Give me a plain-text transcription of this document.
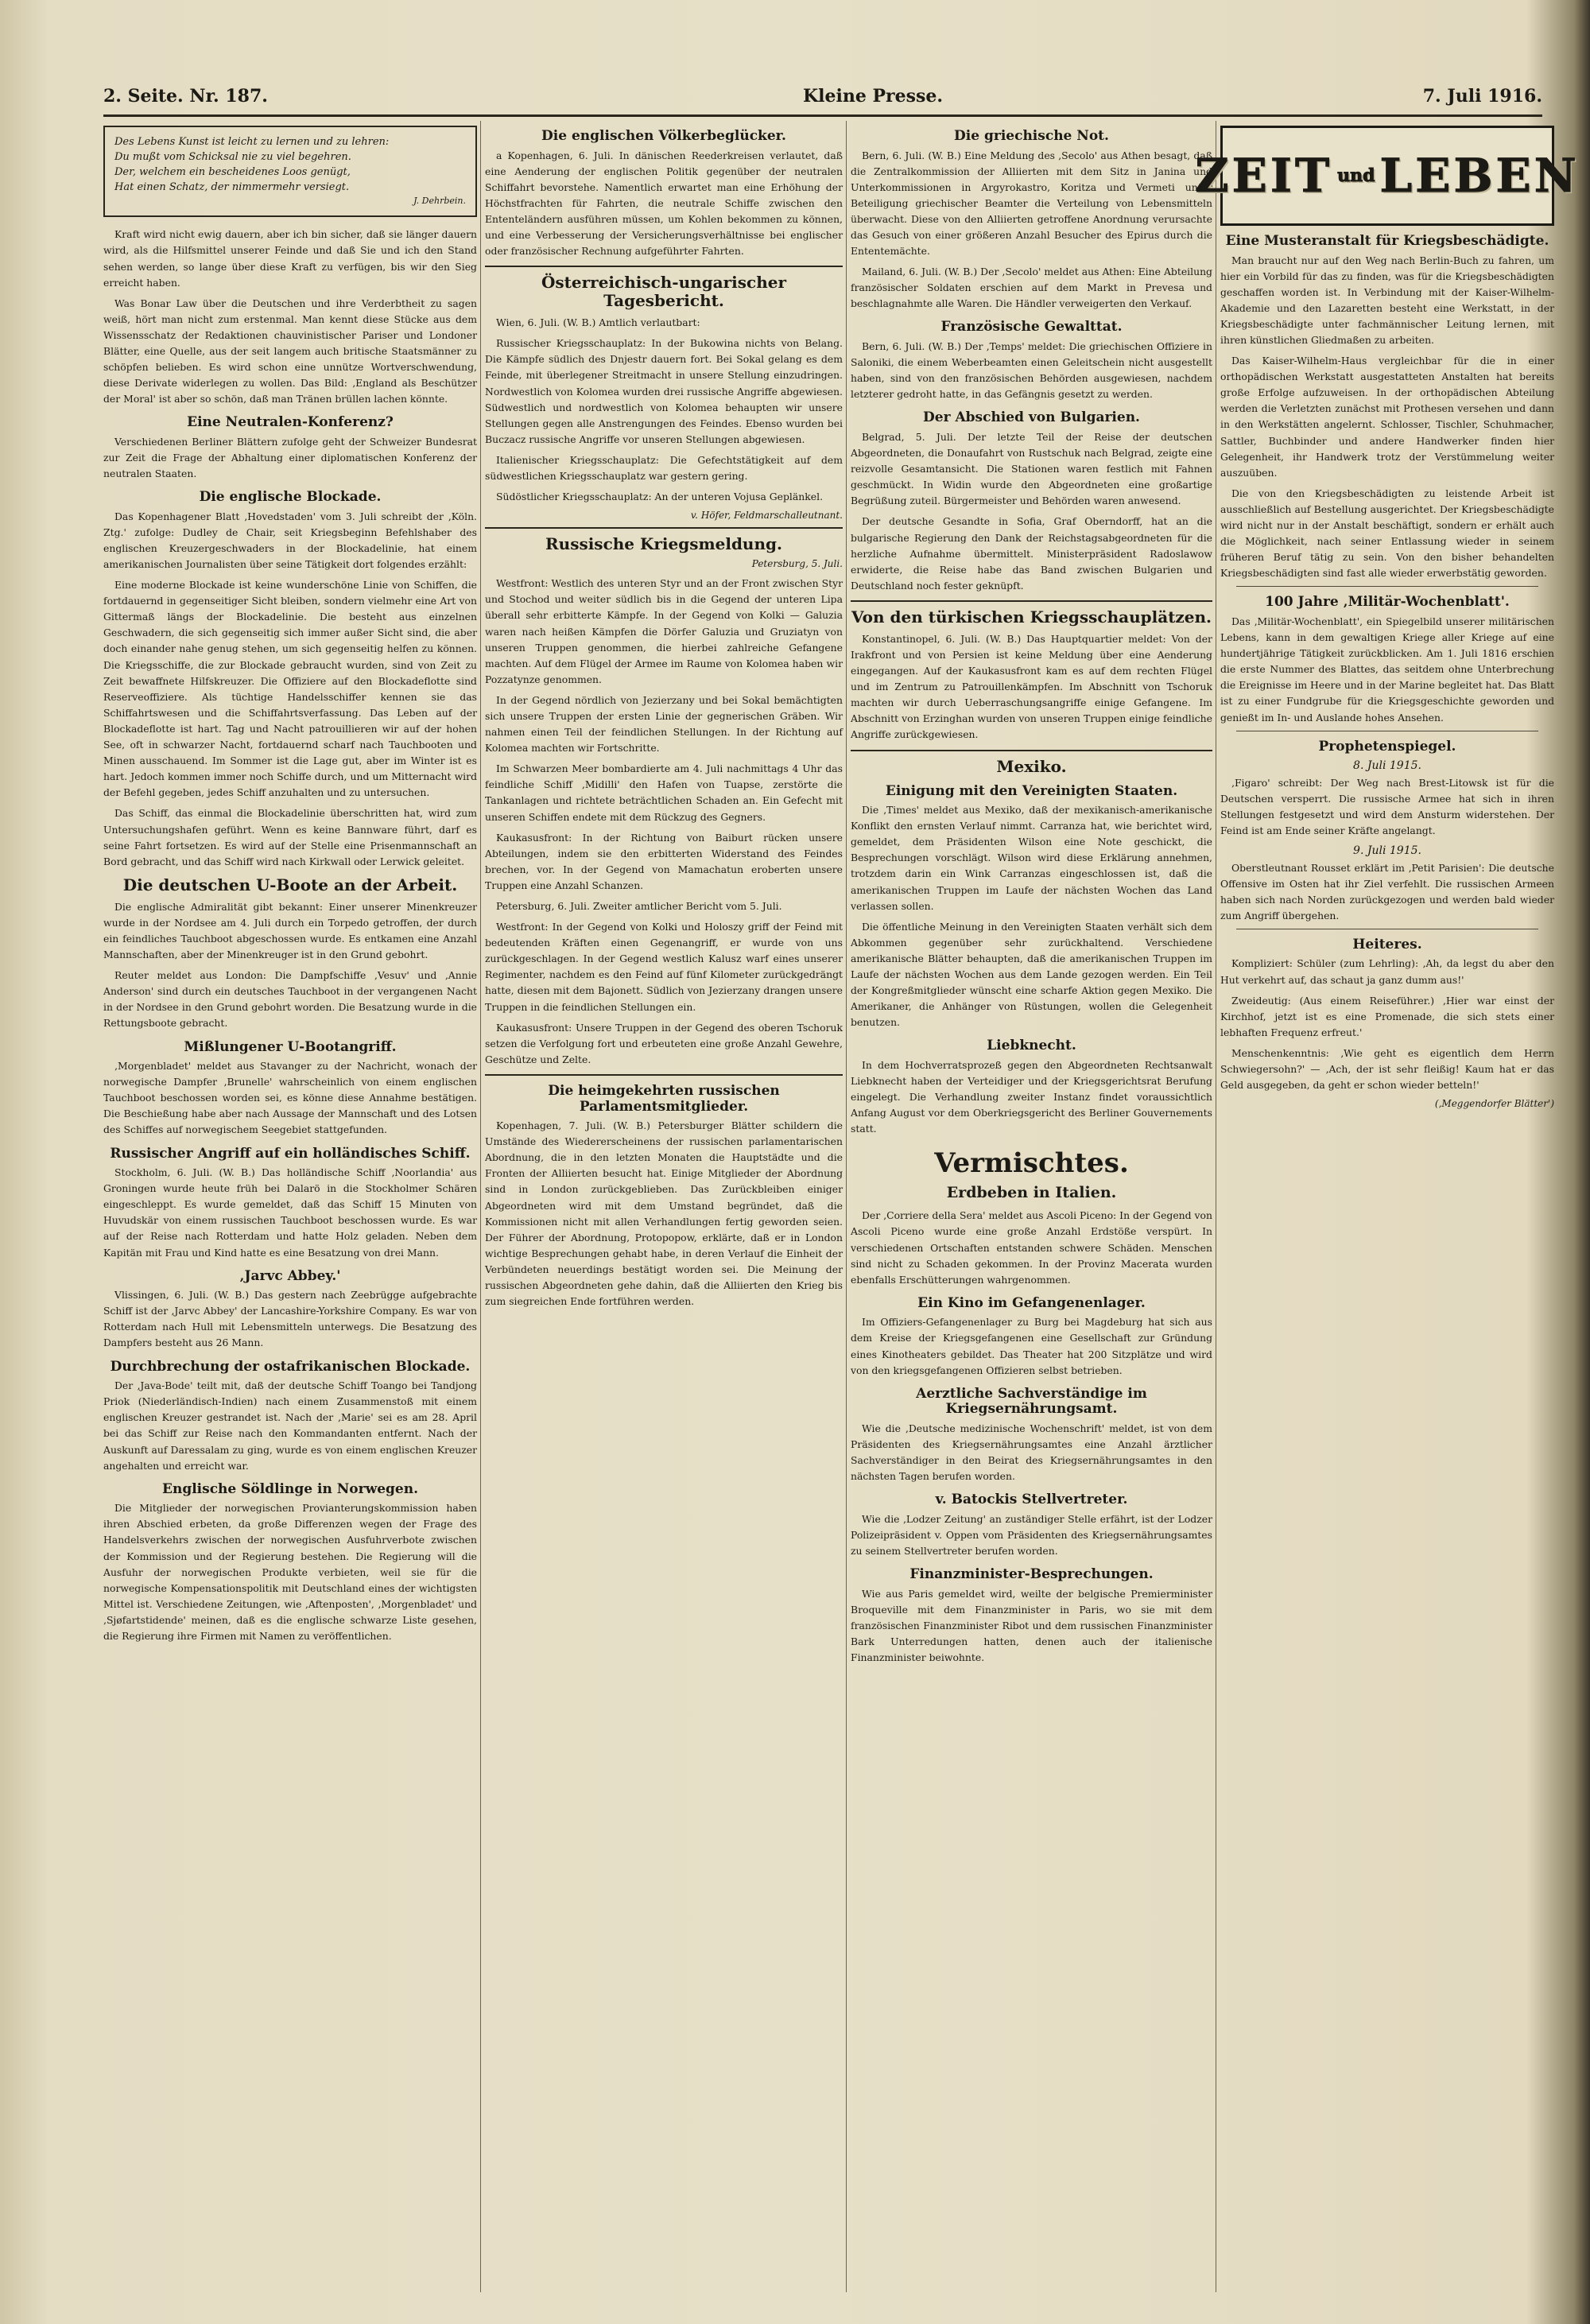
2. Seite. Nr. 187.	Kleine Presse.	7. Juli 1916.
Des Lebens Kunst ist leicht zu lernen und zu lehren:
Du mußt vom Schicksal nie zu viel begehren.
Der, welchem ein bescheidenes Loos genügt,
Hat einen Schatz, der nimmermehr versiegt.
J. Dehrbein.

Kraft wird nicht ewig dauern, aber ich bin sicher, daß sie länger dauern wird, als die Hilfsmittel unserer Feinde und daß Sie und ich den Stand sehen werden, so lange über diese Kraft zu verfügen, bis wir den Sieg erreicht haben.

Was Bonar Law über die Deutschen und ihre Verderbtheit zu sagen weiß, hört man nicht zum erstenmal. Man kennt diese Stücke aus dem Wissensschatz der Redaktionen chauvinistischer Pariser und Londoner Blätter, eine Quelle, aus der seit langem auch britische Staatsmänner zu schöpfen belieben. Es wird schon eine unnütze Wortverschwendung, diese Derivate widerlegen zu wollen. Das Bild: ‚England als Beschützer der Moral' ist aber so schön, daß man Tränen brüllen lachen könnte.

Eine Neutralen-Konferenz?

Verschiedenen Berliner Blättern zufolge geht der Schweizer Bundesrat zur Zeit die Frage der Abhaltung einer diplomatischen Konferenz der neutralen Staaten.

Die englische Blockade.

Das Kopenhagener Blatt ‚Hovedstaden' vom 3. Juli schreibt der ‚Köln. Ztg.' zufolge: Dudley de Chair, seit Kriegsbeginn Befehlshaber des englischen Kreuzergeschwaders in der Blockadelinie, hat einem amerikanischen Journalisten über seine Tätigkeit dort folgendes erzählt:

Eine moderne Blockade ist keine wunderschöne Linie von Schiffen, die fortdauernd in gegenseitiger Sicht bleiben, sondern vielmehr eine Art von Gittermaß längs der Blockadelinie. Die besteht aus einzelnen Geschwadern, die sich gegenseitig sich immer außer Sicht sind, die aber doch einander nahe genug stehen, um sich gegenseitig helfen zu können. Die Kriegsschiffe, die zur Blockade gebraucht wurden, sind von Zeit zu Zeit bewaffnete Hilfskreuzer. Die Offiziere auf den Blockadeflotte sind Reserveoffiziere. Als tüchtige Handelsschiffer kennen sie das Schiffahrtswesen und die Schiffahrtsverfassung. Das Leben auf der Blockadeflotte ist hart. Tag und Nacht patrouillieren wir auf der hohen See, oft in schwarzer Nacht, fortdauernd scharf nach Tauchbooten und Minen ausschauend. Im Sommer ist die Lage gut, aber im Winter ist es hart. Jedoch kommen immer noch Schiffe durch, und um Mitternacht wird der Befehl gegeben, jedes Schiff anzuhalten und zu untersuchen.

Das Schiff, das einmal die Blockadelinie überschritten hat, wird zum Untersuchungshafen geführt. Wenn es keine Bannware führt, darf es seine Fahrt fortsetzen. Es wird auf der Stelle eine Prisenmannschaft an Bord gebracht, und das Schiff wird nach Kirkwall oder Lerwick geleitet.

Die deutschen U-Boote an der Arbeit.

Die englische Admiralität gibt bekannt: Einer unserer Minenkreuzer wurde in der Nordsee am 4. Juli durch ein Torpedo getroffen, der durch ein feindliches Tauchboot abgeschossen wurde. Es entkamen eine Anzahl Mannschaften, aber der Minenkreuger ist in den Grund gebohrt.

Reuter meldet aus London: Die Dampfschiffe ‚Vesuv' und ‚Annie Anderson' sind durch ein deutsches Tauchboot in der vergangenen Nacht in der Nordsee in den Grund gebohrt worden. Die Besatzung wurde in die Rettungsboote gebracht.

Mißlungener U-Bootangriff.

‚Morgenbladet' meldet aus Stavanger zu der Nachricht, wonach der norwegische Dampfer ‚Brunelle' wahrscheinlich von einem englischen Tauchboot beschossen worden sei, es könne diese Annahme bestätigen. Die Beschießung habe aber nach Aussage der Mannschaft und des Lotsen des Schiffes auf norwegischem Seegebiet stattgefunden.

Russischer Angriff auf ein holländisches Schiff.

Stockholm, 6. Juli. (W. B.) Das holländische Schiff ‚Noorlandia' aus Groningen wurde heute früh bei Dalarö in die Stockholmer Schären eingeschleppt. Es wurde gemeldet, daß das Schiff 15 Minuten von Huvudskär von einem russischen Tauchboot beschossen wurde. Es war auf der Reise nach Rotterdam und hatte Holz geladen. Neben dem Kapitän mit Frau und Kind hatte es eine Besatzung von drei Mann.

‚Jarvc Abbey.'

Vlissingen, 6. Juli. (W. B.) Das gestern nach Zeebrügge aufgebrachte Schiff ist der ‚Jarvc Abbey' der Lancashire-Yorkshire Company. Es war von Rotterdam nach Hull mit Lebensmitteln unterwegs. Die Besatzung des Dampfers besteht aus 26 Mann.

Durchbrechung der ostafrikanischen Blockade.

Der ‚Java-Bode' teilt mit, daß der deutsche Schiff Toango bei Tandjong Priok (Niederländisch-Indien) nach einem Zusammenstoß mit einem englischen Kreuzer gestrandet ist. Nach der ‚Marie' sei es am 28. April bei das Schiff zur Reise nach den Kommandanten entfernt. Nach der Auskunft auf Daressalam zu ging, wurde es von einem englischen Kreuzer angehalten und erreicht war.

Englische Söldlinge in Norwegen.

Die Mitglieder der norwegischen Provianterungskommission haben ihren Abschied erbeten, da große Differenzen wegen der Frage des Handelsverkehrs zwischen der norwegischen Ausfuhrverbote zwischen der Kommission und der Regierung bestehen. Die Regierung will die Ausfuhr der norwegischen Produkte verbieten, weil sie für die norwegische Kompensationspolitik mit Deutschland eines der wichtigsten Mittel ist. Verschiedene Zeitungen, wie ‚Aftenposten', ‚Morgenbladet' und ‚Sjøfartstidende' meinen, daß es die englische schwarze Liste gesehen, die Regierung ihre Firmen mit Namen zu veröffentlichen.

Die englischen Völkerbeglücker.

a Kopenhagen, 6. Juli. In dänischen Reederkreisen verlautet, daß eine Aenderung der englischen Politik gegenüber der neutralen Schiffahrt bevorstehe. Namentlich erwartet man eine Erhöhung der Höchstfrachten für Fahrten, die neutrale Schiffe zwischen den Ententeländern ausführen müssen, um Kohlen bekommen zu können, und eine Verbesserung der Versicherungsverhältnisse bei englischer oder französischer Rechnung aufgeführter Fahrten.

Österreichisch-ungarischer Tagesbericht.

Wien, 6. Juli. (W. B.) Amtlich verlautbart:

Russischer Kriegsschauplatz: In der Bukowina nichts von Belang. Die Kämpfe südlich des Dnjestr dauern fort. Bei Sokal gelang es dem Feinde, mit überlegener Streitmacht in unsere Stellung einzudringen. Nordwestlich von Kolomea wurden drei russische Angriffe abgewiesen. Südwestlich und nordwestlich von Kolomea behaupten wir unsere Stellungen gegen alle Anstrengungen des Feindes. Ebenso wurden bei Buczacz russische Angriffe vor unseren Stellungen abgewiesen.

Italienischer Kriegsschauplatz: Die Gefechtstätigkeit auf dem südwestlichen Kriegsschauplatz war gestern gering.

Südöstlicher Kriegsschauplatz: An der unteren Vojusa Geplänkel.

v. Höfer, Feldmarschalleutnant.
Russische Kriegsmeldung.
Petersburg, 5. Juli.

Westfront: Westlich des unteren Styr und an der Front zwischen Styr und Stochod und weiter südlich bis in die Gegend der unteren Lipa überall sehr erbitterte Kämpfe. In der Gegend von Kolki — Galuzia waren nach heißen Kämpfen die Dörfer Galuzia und Gruziatyn von unseren Truppen genommen, die hierbei zahlreiche Gefangene machten. Auf dem Flügel der Armee im Raume von Kolomea haben wir Pozzatynze genommen.

In der Gegend nördlich von Jezierzany und bei Sokal bemächtigten sich unsere Truppen der ersten Linie der gegnerischen Gräben. Wir nahmen einen Teil der feindlichen Stellungen. In der Richtung auf Kolomea machten wir Fortschritte.

Im Schwarzen Meer bombardierte am 4. Juli nachmittags 4 Uhr das feindliche Schiff ‚Midilli' den Hafen von Tuapse, zerstörte die Tankanlagen und richtete beträchtlichen Schaden an. Ein Gefecht mit unseren Schiffen endete mit dem Rückzug des Gegners.

Kaukasusfront: In der Richtung von Baiburt rücken unsere Abteilungen, indem sie den erbitterten Widerstand des Feindes brechen, vor. In der Gegend von Mamachatun eroberten unsere Truppen eine Anzahl Schanzen.

Petersburg, 6. Juli. Zweiter amtlicher Bericht vom 5. Juli.

Westfront: In der Gegend von Kolki und Holoszy griff der Feind mit bedeutenden Kräften einen Gegenangriff, er wurde von uns zurückgeschlagen. In der Gegend westlich Kalusz warf eines unserer Regimenter, nachdem es den Feind auf fünf Kilometer zurückgedrängt hatte, diesen mit dem Bajonett. Südlich von Jezierzany drangen unsere Truppen in die feindlichen Stellungen ein.

Kaukasusfront: Unsere Truppen in der Gegend des oberen Tschoruk setzen die Verfolgung fort und erbeuteten eine große Anzahl Gewehre, Geschütze und Zelte.

Die heimgekehrten russischen Parlamentsmitglieder.

Kopenhagen, 7. Juli. (W. B.) Petersburger Blätter schildern die Umstände des Wiedererscheinens der russischen parlamentarischen Abordnung, die in den letzten Monaten die Hauptstädte und die Fronten der Alliierten besucht hat. Einige Mitglieder der Abordnung sind in London zurückgeblieben. Das Zurückbleiben einiger Abgeordneten wird mit dem Umstand begründet, daß die Kommissionen nicht mit allen Verhandlungen fertig geworden seien. Der Führer der Abordnung, Protopopow, erklärte, daß er in London wichtige Besprechungen gehabt habe, in deren Verlauf die Einheit der Verbündeten neuerdings bestätigt worden sei. Die Meinung der russischen Abgeordneten gehe dahin, daß die Alliierten den Krieg bis zum siegreichen Ende fortführen werden.

Die griechische Not.

Bern, 6. Juli. (W. B.) Eine Meldung des ‚Secolo' aus Athen besagt, daß die Zentralkommission der Alliierten mit dem Sitz in Janina und Unterkommissionen in Argyrokastro, Koritza und Vermeti unter Beteiligung griechischer Beamter die Verteilung von Lebensmitteln überwacht. Diese von den Alliierten getroffene Anordnung verursachte das Gesuch von einer größeren Anzahl Besucher des Epirus durch die Ententemächte.

Mailand, 6. Juli. (W. B.) Der ‚Secolo' meldet aus Athen: Eine Abteilung französischer Soldaten erschien auf dem Markt in Prevesa und beschlagnahmte alle Waren. Die Händler verweigerten den Verkauf.

Französische Gewalttat.

Bern, 6. Juli. (W. B.) Der ‚Temps' meldet: Die griechischen Offiziere in Saloniki, die einem Weberbeamten einen Geleitschein nicht ausgestellt haben, sind von den französischen Behörden ausgewiesen, nachdem letzterer gedroht hatte, in das Gefängnis gesetzt zu werden.

Der Abschied von Bulgarien.

Belgrad, 5. Juli. Der letzte Teil der Reise der deutschen Abgeordneten, die Donaufahrt von Rustschuk nach Belgrad, zeigte eine reizvolle Gesamtansicht. Die Stationen waren festlich mit Fahnen geschmückt. In Widin wurde den Abgeordneten eine großartige Begrüßung zuteil. Bürgermeister und Behörden waren anwesend.

Der deutsche Gesandte in Sofia, Graf Oberndorff, hat an die bulgarische Regierung den Dank der Reichstagsabgeordneten für die herzliche Aufnahme übermittelt. Ministerpräsident Radoslawow erwiderte, die Reise habe das Band zwischen Bulgarien und Deutschland noch fester geknüpft.

Von den türkischen Kriegsschauplätzen.

Konstantinopel, 6. Juli. (W. B.) Das Hauptquartier meldet: Von der Irakfront und von Persien ist keine Meldung über eine Aenderung eingegangen. Auf der Kaukasusfront kam es auf dem rechten Flügel und im Zentrum zu Patrouillenkämpfen. Im Abschnitt von Tschoruk machten wir durch Ueberraschungsangriffe einige Gefangene. Im Abschnitt von Erzinghan wurden von unseren Truppen einige feindliche Angriffe zurückgewiesen.

Mexiko.
Einigung mit den Vereinigten Staaten.

Die ‚Times' meldet aus Mexiko, daß der mexikanisch-amerikanische Konflikt den ernsten Verlauf nimmt. Carranza hat, wie berichtet wird, gemeldet, dem Präsidenten Wilson eine Note geschickt, die Besprechungen vorschlägt. Wilson wird diese Erklärung annehmen, trotzdem darin ein Wink Carranzas eingeschlossen ist, daß die amerikanischen Truppen im Laufe der nächsten Wochen das Land verlassen sollen.

Die öffentliche Meinung in den Vereinigten Staaten verhält sich dem Abkommen gegenüber sehr zurückhaltend. Verschiedene amerikanische Blätter behaupten, daß die amerikanischen Truppen im Laufe der nächsten Wochen aus dem Lande gezogen werden. Ein Teil der Kongreßmitglieder wünscht eine scharfe Aktion gegen Mexiko. Die Amerikaner, die Anhänger von Rüstungen, wollen die Gelegenheit benutzen.

Liebknecht.

In dem Hochverratsprozeß gegen den Abgeordneten Rechtsanwalt Liebknecht haben der Verteidiger und der Kriegsgerichtsrat Berufung eingelegt. Die Verhandlung zweiter Instanz findet voraussichtlich Anfang August vor dem Oberkriegsgericht des Berliner Gouvernements statt.

Vermischtes.
Erdbeben in Italien.

Der ‚Corriere della Sera' meldet aus Ascoli Piceno: In der Gegend von Ascoli Piceno wurde eine große Anzahl Erdstöße verspürt. In verschiedenen Ortschaften entstanden schwere Schäden. Menschen sind nicht zu Schaden gekommen. In der Provinz Macerata wurden ebenfalls Erschütterungen wahrgenommen.

Ein Kino im Gefangenenlager.

Im Offiziers-Gefangenenlager zu Burg bei Magdeburg hat sich aus dem Kreise der Kriegsgefangenen eine Gesellschaft zur Gründung eines Kinotheaters gebildet. Das Theater hat 200 Sitzplätze und wird von den kriegsgefangenen Offizieren selbst betrieben.

Aerztliche Sachverständige im Kriegsernährungsamt.

Wie die ‚Deutsche medizinische Wochenschrift' meldet, ist von dem Präsidenten des Kriegsernährungsamtes eine Anzahl ärztlicher Sachverständiger in den Beirat des Kriegsernährungsamtes in den nächsten Tagen berufen worden.

v. Batockis Stellvertreter.

Wie die ‚Lodzer Zeitung' an zuständiger Stelle erfährt, ist der Lodzer Polizeipräsident v. Oppen vom Präsidenten des Kriegsernährungsamtes zu seinem Stellvertreter berufen worden.

Finanzminister-Besprechungen.

Wie aus Paris gemeldet wird, weilte der belgische Premierminister Broqueville mit dem Finanzminister in Paris, wo sie mit dem französischen Finanzminister Ribot und dem russischen Finanzminister Bark Unterredungen hatten, denen auch der italienische Finanzminister beiwohnte.

ZEIT und LEBEN
Eine Musteranstalt für Kriegsbeschädigte.

Man braucht nur auf den Weg nach Berlin-Buch zu fahren, um hier ein Vorbild für das zu finden, was für die Kriegsbeschädigten geschaffen worden ist. In Verbindung mit der Kaiser-Wilhelm-Akademie und den Lazaretten besteht eine Werkstatt, in der Kriegsbeschädigte unter fachmännischer Leitung lernen, mit ihren künstlichen Gliedmaßen zu arbeiten.

Das Kaiser-Wilhelm-Haus vergleichbar für die in einer orthopädischen Werkstatt ausgestatteten Anstalten hat bereits große Erfolge aufzuweisen. In der orthopädischen Abteilung werden die Verletzten zunächst mit Prothesen versehen und dann in den Werkstätten angelernt. Schlosser, Tischler, Schuhmacher, Sattler, Buchbinder und andere Handwerker finden hier Gelegenheit, ihr Handwerk trotz der Verstümmelung weiter auszuüben.

Die von den Kriegsbeschädigten zu leistende Arbeit ist ausschließlich auf Bestellung ausgerichtet. Der Kriegsbeschädigte wird nicht nur in der Anstalt beschäftigt, sondern er erhält auch die Möglichkeit, nach seiner Entlassung wieder in seinem früheren Beruf tätig zu sein. Von den bisher behandelten Kriegsbeschädigten sind fast alle wieder erwerbstätig geworden.

100 Jahre ‚Militär-Wochenblatt'.

Das ‚Militär-Wochenblatt', ein Spiegelbild unserer militärischen Lebens, kann in dem gewaltigen Kriege aller Kriege auf eine hundertjährige Tätigkeit zurückblicken. Am 1. Juli 1816 erschien die erste Nummer des Blattes, das seitdem ohne Unterbrechung die Ereignisse im Heere und in der Marine begleitet hat. Das Blatt ist zu einer Fundgrube für die Kriegsgeschichte geworden und genießt im In- und Auslande hohes Ansehen.

Prophetenspiegel.
8. Juli 1915.

‚Figaro' schreibt: Der Weg nach Brest-Litowsk ist für die Deutschen versperrt. Die russische Armee hat sich in ihren Stellungen festgesetzt und wird dem Ansturm widerstehen. Der Feind ist am Ende seiner Kräfte angelangt.

9. Juli 1915.

Oberstleutnant Rousset erklärt im ‚Petit Parisien': Die deutsche Offensive im Osten hat ihr Ziel verfehlt. Die russischen Armeen haben sich nach Norden zurückgezogen und werden bald wieder zum Angriff übergehen.

Heiteres.

Kompliziert: Schüler (zum Lehrling): ‚Ah, da legst du aber den Hut verkehrt auf, das schaut ja ganz dumm aus!'

Zweideutig: (Aus einem Reiseführer.) ‚Hier war einst der Kirchhof, jetzt ist es eine Promenade, die sich stets einer lebhaften Frequenz erfreut.'

Menschenkenntnis: ‚Wie geht es eigentlich dem Herrn Schwiegersohn?' — ‚Ach, der ist sehr fleißig! Kaum hat er das Geld ausgegeben, da geht er schon wieder betteln!'

(‚Meggendorfer Blätter')
